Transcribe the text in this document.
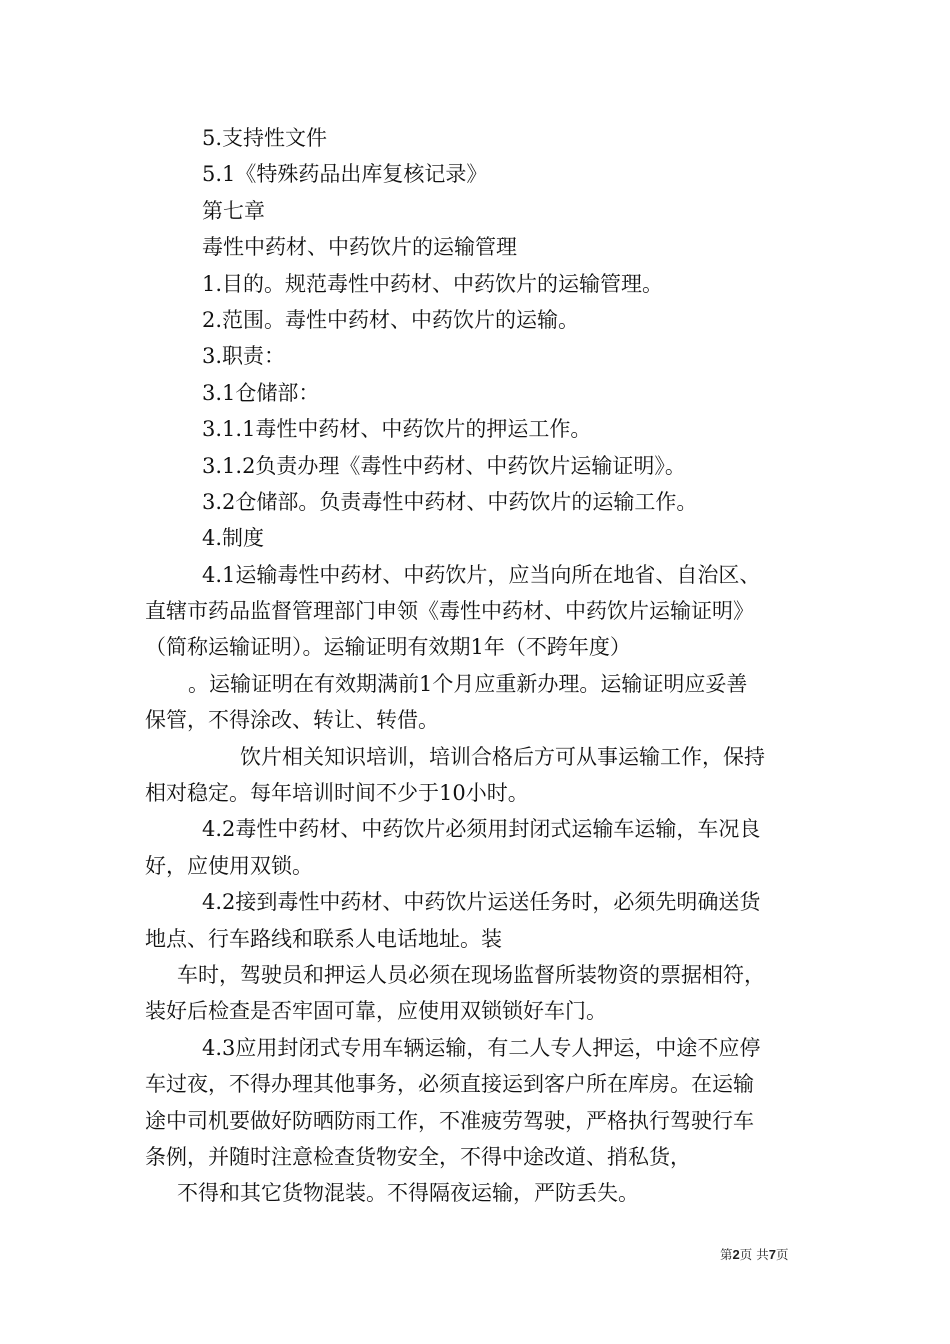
5.支持性文件
5.1《特殊药品出库复核记录》
第七章
毒性中药材、中药饮片的运输管理
1.目的。规范毒性中药材、中药饮片的运输管理。
2.范围。毒性中药材、中药饮片的运输。
3.职责：
3.1仓储部：
3.1.1毒性中药材、中药饮片的押运工作。
3.1.2负责办理《毒性中药材、中药饮片运输证明》。
3.2仓储部。负责毒性中药材、中药饮片的运输工作。
4.制度
4.1运输毒性中药材、中药饮片，应当向所在地省、自治区、
直辖市药品监督管理部门申领《毒性中药材、中药饮片运输证明》
（简称运输证明）。运输证明有效期1年（不跨年度）
。运输证明在有效期满前1个月应重新办理。运输证明应妥善
保管，不得涂改、转让、转借。
饮片相关知识培训，培训合格后方可从事运输工作，保持
相对稳定。每年培训时间不少于10小时。
4.2毒性中药材、中药饮片必须用封闭式运输车运输，车况良
好，应使用双锁。
4.2接到毒性中药材、中药饮片运送任务时，必须先明确送货
地点、行车路线和联系人电话地址。装
车时，驾驶员和押运人员必须在现场监督所装物资的票据相符，
装好后检查是否牢固可靠，应使用双锁锁好车门。
4.3应用封闭式专用车辆运输，有二人专人押运，中途不应停
车过夜，不得办理其他事务，必须直接运到客户所在库房。在运输
途中司机要做好防晒防雨工作，不准疲劳驾驶，严格执行驾驶行车
条例，并随时注意检查货物安全，不得中途改道、捎私货，
不得和其它货物混装。不得隔夜运输，严防丢失。
第2页 共7页
